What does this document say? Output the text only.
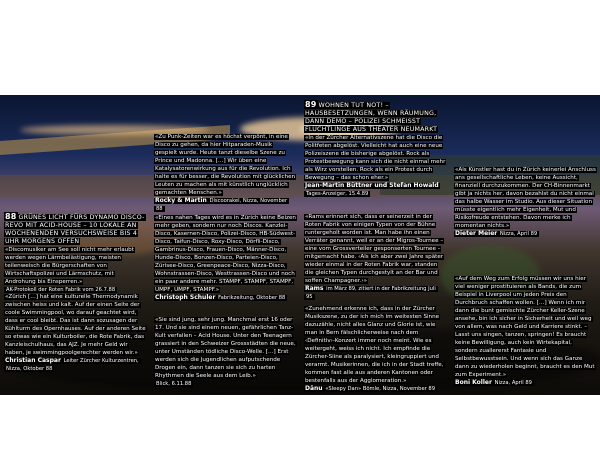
88 GRÜNES LICHT FÜRS DYNAMO DISCO-REVO MIT ACID-HOUSE – 10 LOKALE AN WOCHENENDEN VERSUCHSWEISE BIS 4 UHR MORGENS OFFEN

«Discomusiker am See soll nicht mehr erlaubt werden wegen Lärmbelästigung, meisten teilenweisch die Bürgerschaften von Wirtschaftspolizei und Lärmschutz, mit Androhung bis Einsperren.»

AK-Protokoll der Roten Fabrik vom 26.7.88

«Zürich […] hat eine kulturelle Thermodynamik zwischen heiss und kalt. Auf der einen Seite der coole Swimmingpool, wo darauf geachtet wird, dass er cool bleibt. Das ist dann sozusagen der Kühlturm des Opernhauses. Auf der anderen Seite so etwas wie ein Kulturboiler, die Rote Fabrik, das Kanzleischulhaus, das AJZ. Je mehr Geld wir haben, je swimmingpoolgerechter werden wir.»

Christian Caspar Leiter Zürcher Kulturzentren, Nizza, Oktober 88

«Zu Punk-Zeiten war es höchst verpönt, in eine Disco zu gehen, da hier Hitparaden-Musik gespielt wurde. Heute tanzt dieselbe Szene zu Prince und Madonna. […] Wir üben eine Katalysatorenwirkung aus für die Revolution. Ich halte es für besser, die Revolution mit glücklichen Leuten zu machen als mit künstlich unglücklich gemachten Menschen.»

Rocky & Martin Discoorakel, Nizza, November 88

«Eines nahen Tages wird es in Zürich keine Beizen mehr geben, sondern nur noch Discos. Kanzlei-Disco, Kasernen-Disco, Polizei-Disco, HB-Südwest-Disco, Taifun-Disco, Roxy-Disco, Dörfli-Disco, Gambrinus-Disco, Frauen-Disco, Männer-Disco, Hunde-Disco, Bonzen-Disco, Parteien-Disco, Zürisee-Disco, Greenpeace-Disco, Nizza-Disco, Wohnstrassen-Disco, Westtrassen-Disco und noch ein paar andere mehr. STAMPF, STAMPF, STAMPF, UMPF, UMPF, STAMPF.»

Christoph Schuler Fabrikzeitung, Oktober 88

«Sie sind jung, sehr jung. Manchmal erst 16 oder 17. Und sie sind einem neuen, gefährlichen Tanz-Kult verfallen – Acid House. Unter den Teenagern grassiert in den Schweizer Grossstädten die neue, unter Umständen tödliche Disco-Welle. […] Erst werden sich die Jugendlichen aufputschende Drogen ein, dann tanzen sie sich zu harten Rhythmen die Seele aus dem Leib.»

Blick, 6.11.88

89 WOHNEN TUT NOT! – HAUSBESETZUNGEN, WENN RÄUMUNG, DANN DEMO – POLIZEI SCHMEISST FLÜCHTLINGE AUS THEATER NEUMARKT

«In der Zürcher Alternativszene hat die Disco die Politfeten abgelöst. Vielleicht hat auch eine neue Polizeiszene die bisherige abgelöst. Rock als Protestbewegung kann sich die nicht einmal mehr als Wirz vorstellen. Rock als ein Protest durch Bewegung – das schon eher.»

Jean-Martin Büttner und Stefan Howald Tages-Anzeiger, 15.4.89

«Rams erinnert sich, dass er seinerzeit in der Roten Fabrik von einigen Typen von der Bühne runtergeholt worden ist. Man habe ihn einen Verräter genannt, weil er an der Migros-Tournee – eine vom Grossverteiler gesponserten Tournee – mitgemacht habe. ‹Als ich aber zwei Jahre später wieder einmal in der Roten Fabrik war, standen die gleichen Typen durchgestylt an der Bar und soffen Champagner.›»

Rams im März 89, zitiert in der Fabrikzeitung Juli 95

«Zunehmend erkenne ich, dass in der Zürcher Musikszene, zu der ich mich im weitesten Sinne dazuzähle, nicht alles Glanz und Glorie ist, wie man in Bern fälschlicherweise nach dem ‹Definitiv›-Konzert immer noch meint. Wie es weitergeht, weiss ich nicht. Ich empfinde die Zürcher-Siine als paralysiert, kleingruppiert und verarmt. Musikerinnen, die ich in der Stadt treffe, kommen fast alle aus anderen Kantonen oder bestenfalls aus der Agglomeration.»

Dänu «Sleepy Dan» Bömle, Nizza, November 89

«Als Künstler hast du in Zürich keinerlei Anschluss ans gesellschaftliche Leben, keine Aussicht, finanziell durchzukommen. Der CH-Binnenmarkt gibt ja nichts her, davon bezahlst du nicht einmal das halbe Wasser im Studio. Aus dieser Situation müsste eigentlich mehr Eigenheit, Mut und Risikofreude entstehen. Davon merke ich momentan nichts.»

Dieter Meier Nizza, April 89

«Auf dem Weg zum Erfolg müssen wir uns hier viel weniger prostituieren als Bands, die zum Beispiel in Liverpool um jeden Preis den Durchbruch schaffen wollen. […] Wenn ich mir dann die bunt gemischte Zürcher Keller-Szene ansehe, bin ich sicher in Sicherheit und weil weg von allem, was nach Geld und Karriere stinkt. – Lasst uns singen, tanzen, springen! Es braucht keine Bewilligung, auch kein Wirtekapital, sondern zuallererst Fantasie und Selbstbewusstsein. Und wenn sich das Ganze dann zu wiederholen beginnt, braucht es den Mut zum Experiment.»

Boni Koller Nizza, April 89
